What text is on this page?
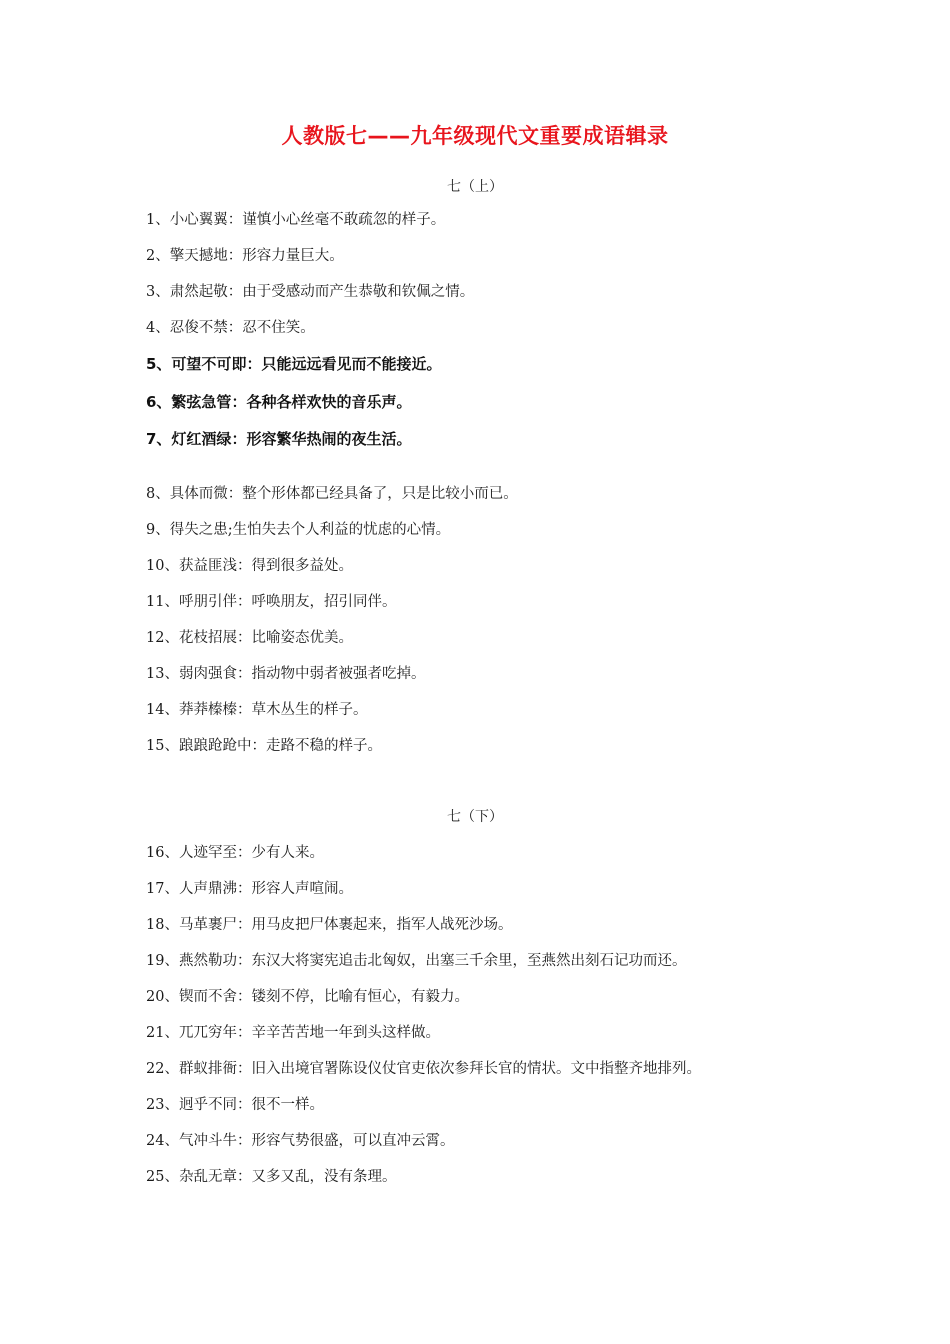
人教版七——九年级现代文重要成语辑录
七（上）
1、小心翼翼：谨慎小心丝毫不敢疏忽的样子。
2、擎天撼地：形容力量巨大。
3、肃然起敬：由于受感动而产生恭敬和钦佩之情。
4、忍俊不禁：忍不住笑。
5、可望不可即：只能远远看见而不能接近。
6、繁弦急管：各种各样欢快的音乐声。
7、灯红酒绿：形容繁华热闹的夜生活。
8、具体而微：整个形体都已经具备了，只是比较小而已。
9、得失之患;生怕失去个人利益的忧虑的心情。
10、获益匪浅：得到很多益处。
11、呼朋引伴：呼唤朋友，招引同伴。
12、花枝招展：比喻姿态优美。
13、弱肉强食：指动物中弱者被强者吃掉。
14、莽莽榛榛：草木丛生的样子。
15、踉踉跄跄中：走路不稳的样子。
七（下）
16、人迹罕至：少有人来。
17、人声鼎沸：形容人声喧闹。
18、马革裹尸：用马皮把尸体裹起来，指军人战死沙场。
19、燕然勒功：东汉大将窦宪追击北匈奴，出塞三千余里，至燕然出刻石记功而还。
20、锲而不舍：镂刻不停，比喻有恒心，有毅力。
21、兀兀穷年：辛辛苦苦地一年到头这样做。
22、群蚁排衙：旧入出境官署陈设仪仗官吏依次参拜长官的情状。文中指整齐地排列。
23、迥乎不同：很不一样。
24、气冲斗牛：形容气势很盛，可以直冲云霄。
25、杂乱无章：又多又乱，没有条理。
